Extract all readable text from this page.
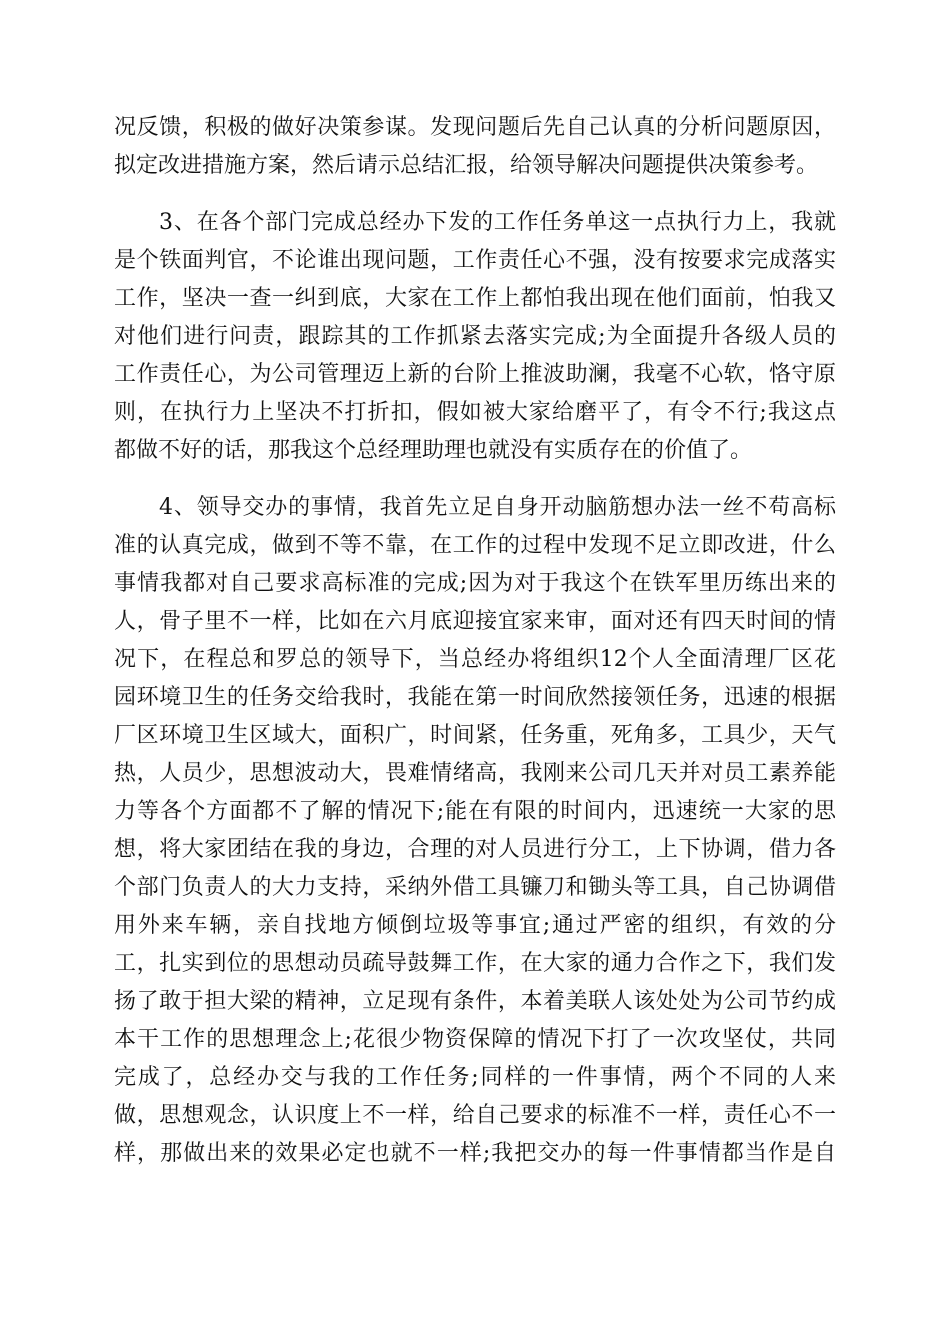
况反馈，积极的做好决策参谋。发现问题后先自己认真的分析问题原因，

拟定改进措施方案，然后请示总结汇报，给领导解决问题提供决策参考。

3、在各个部门完成总经办下发的工作任务单这一点执行力上，我就

是个铁面判官，不论谁出现问题，工作责任心不强，没有按要求完成落实

工作，坚决一查一纠到底，大家在工作上都怕我出现在他们面前，怕我又

对他们进行问责，跟踪其的工作抓紧去落实完成;为全面提升各级人员的

工作责任心，为公司管理迈上新的台阶上推波助澜，我毫不心软，恪守原

则，在执行力上坚决不打折扣，假如被大家给磨平了，有令不行;我这点

都做不好的话，那我这个总经理助理也就没有实质存在的价值了。

4、领导交办的事情，我首先立足自身开动脑筋想办法一丝不苟高标

准的认真完成，做到不等不靠，在工作的过程中发现不足立即改进，什么

事情我都对自己要求高标准的完成;因为对于我这个在铁军里历练出来的

人，骨子里不一样，比如在六月底迎接宜家来审，面对还有四天时间的情

况下，在程总和罗总的领导下，当总经办将组织12个人全面清理厂区花

园环境卫生的任务交给我时，我能在第一时间欣然接领任务，迅速的根据

厂区环境卫生区域大，面积广，时间紧，任务重，死角多，工具少，天气

热，人员少，思想波动大，畏难情绪高，我刚来公司几天并对员工素养能

力等各个方面都不了解的情况下;能在有限的时间内，迅速统一大家的思

想，将大家团结在我的身边，合理的对人员进行分工，上下协调，借力各

个部门负责人的大力支持，采纳外借工具镰刀和锄头等工具，自己协调借

用外来车辆，亲自找地方倾倒垃圾等事宜;通过严密的组织，有效的分

工，扎实到位的思想动员疏导鼓舞工作，在大家的通力合作之下，我们发

扬了敢于担大梁的精神，立足现有条件，本着美联人该处处为公司节约成

本干工作的思想理念上;花很少物资保障的情况下打了一次攻坚仗，共同

完成了，总经办交与我的工作任务;同样的一件事情，两个不同的人来

做，思想观念，认识度上不一样，给自己要求的标准不一样，责任心不一

样，那做出来的效果必定也就不一样;我把交办的每一件事情都当作是自
